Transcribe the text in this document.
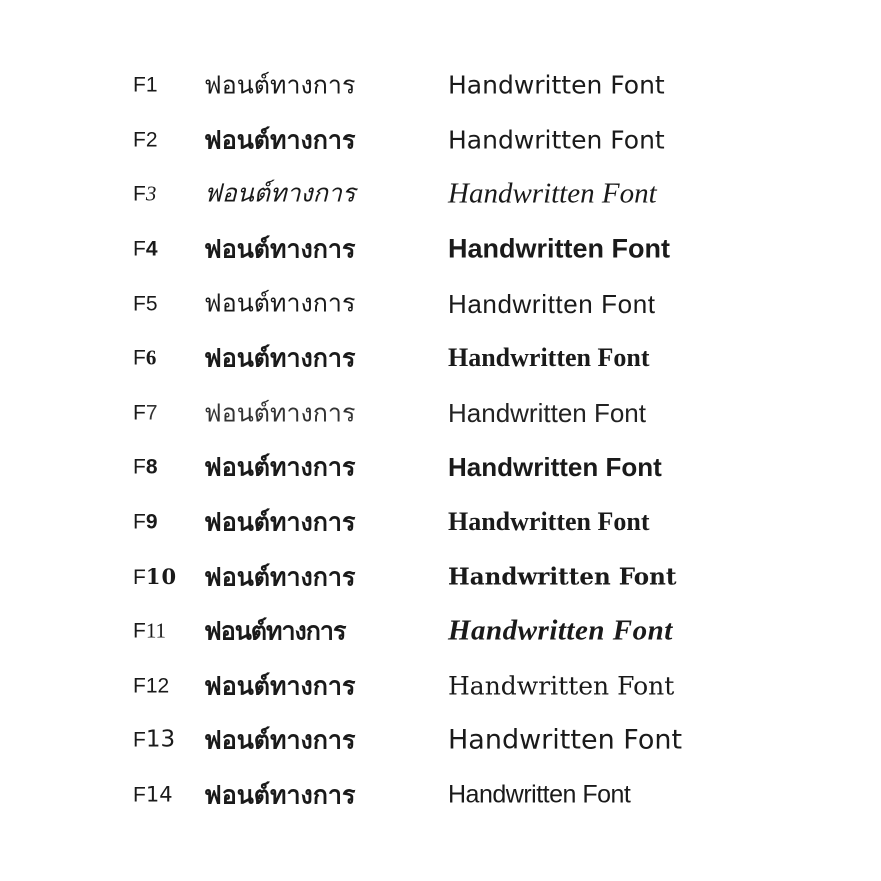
F1 ฟอนต์ทางการ	Handwritten Font
F2 ฟอนต์ทางการ	Handwritten Font
F3 ฟอนต์ทางการ	Handwritten Font
F4 ฟอนต์ทางการ	Handwritten Font
F5 ฟอนต์ทางการ	Handwritten Font
F6 ฟอนต์ทางการ	Handwritten Font
F7 ฟอนต์ทางการ	Handwritten Font
F8 ฟอนต์ทางการ	Handwritten Font
F9 ฟอนต์ทางการ	Handwritten Font
F10 ฟอนต์ทางการ	Handwritten Font
F11 ฟอนต์ทางการ	Handwritten Font
F12 ฟอนต์ทางการ	Handwritten Font
F13 ฟอนต์ทางการ	Handwritten Font
F14 ฟอนต์ทางการ	Handwritten Font
